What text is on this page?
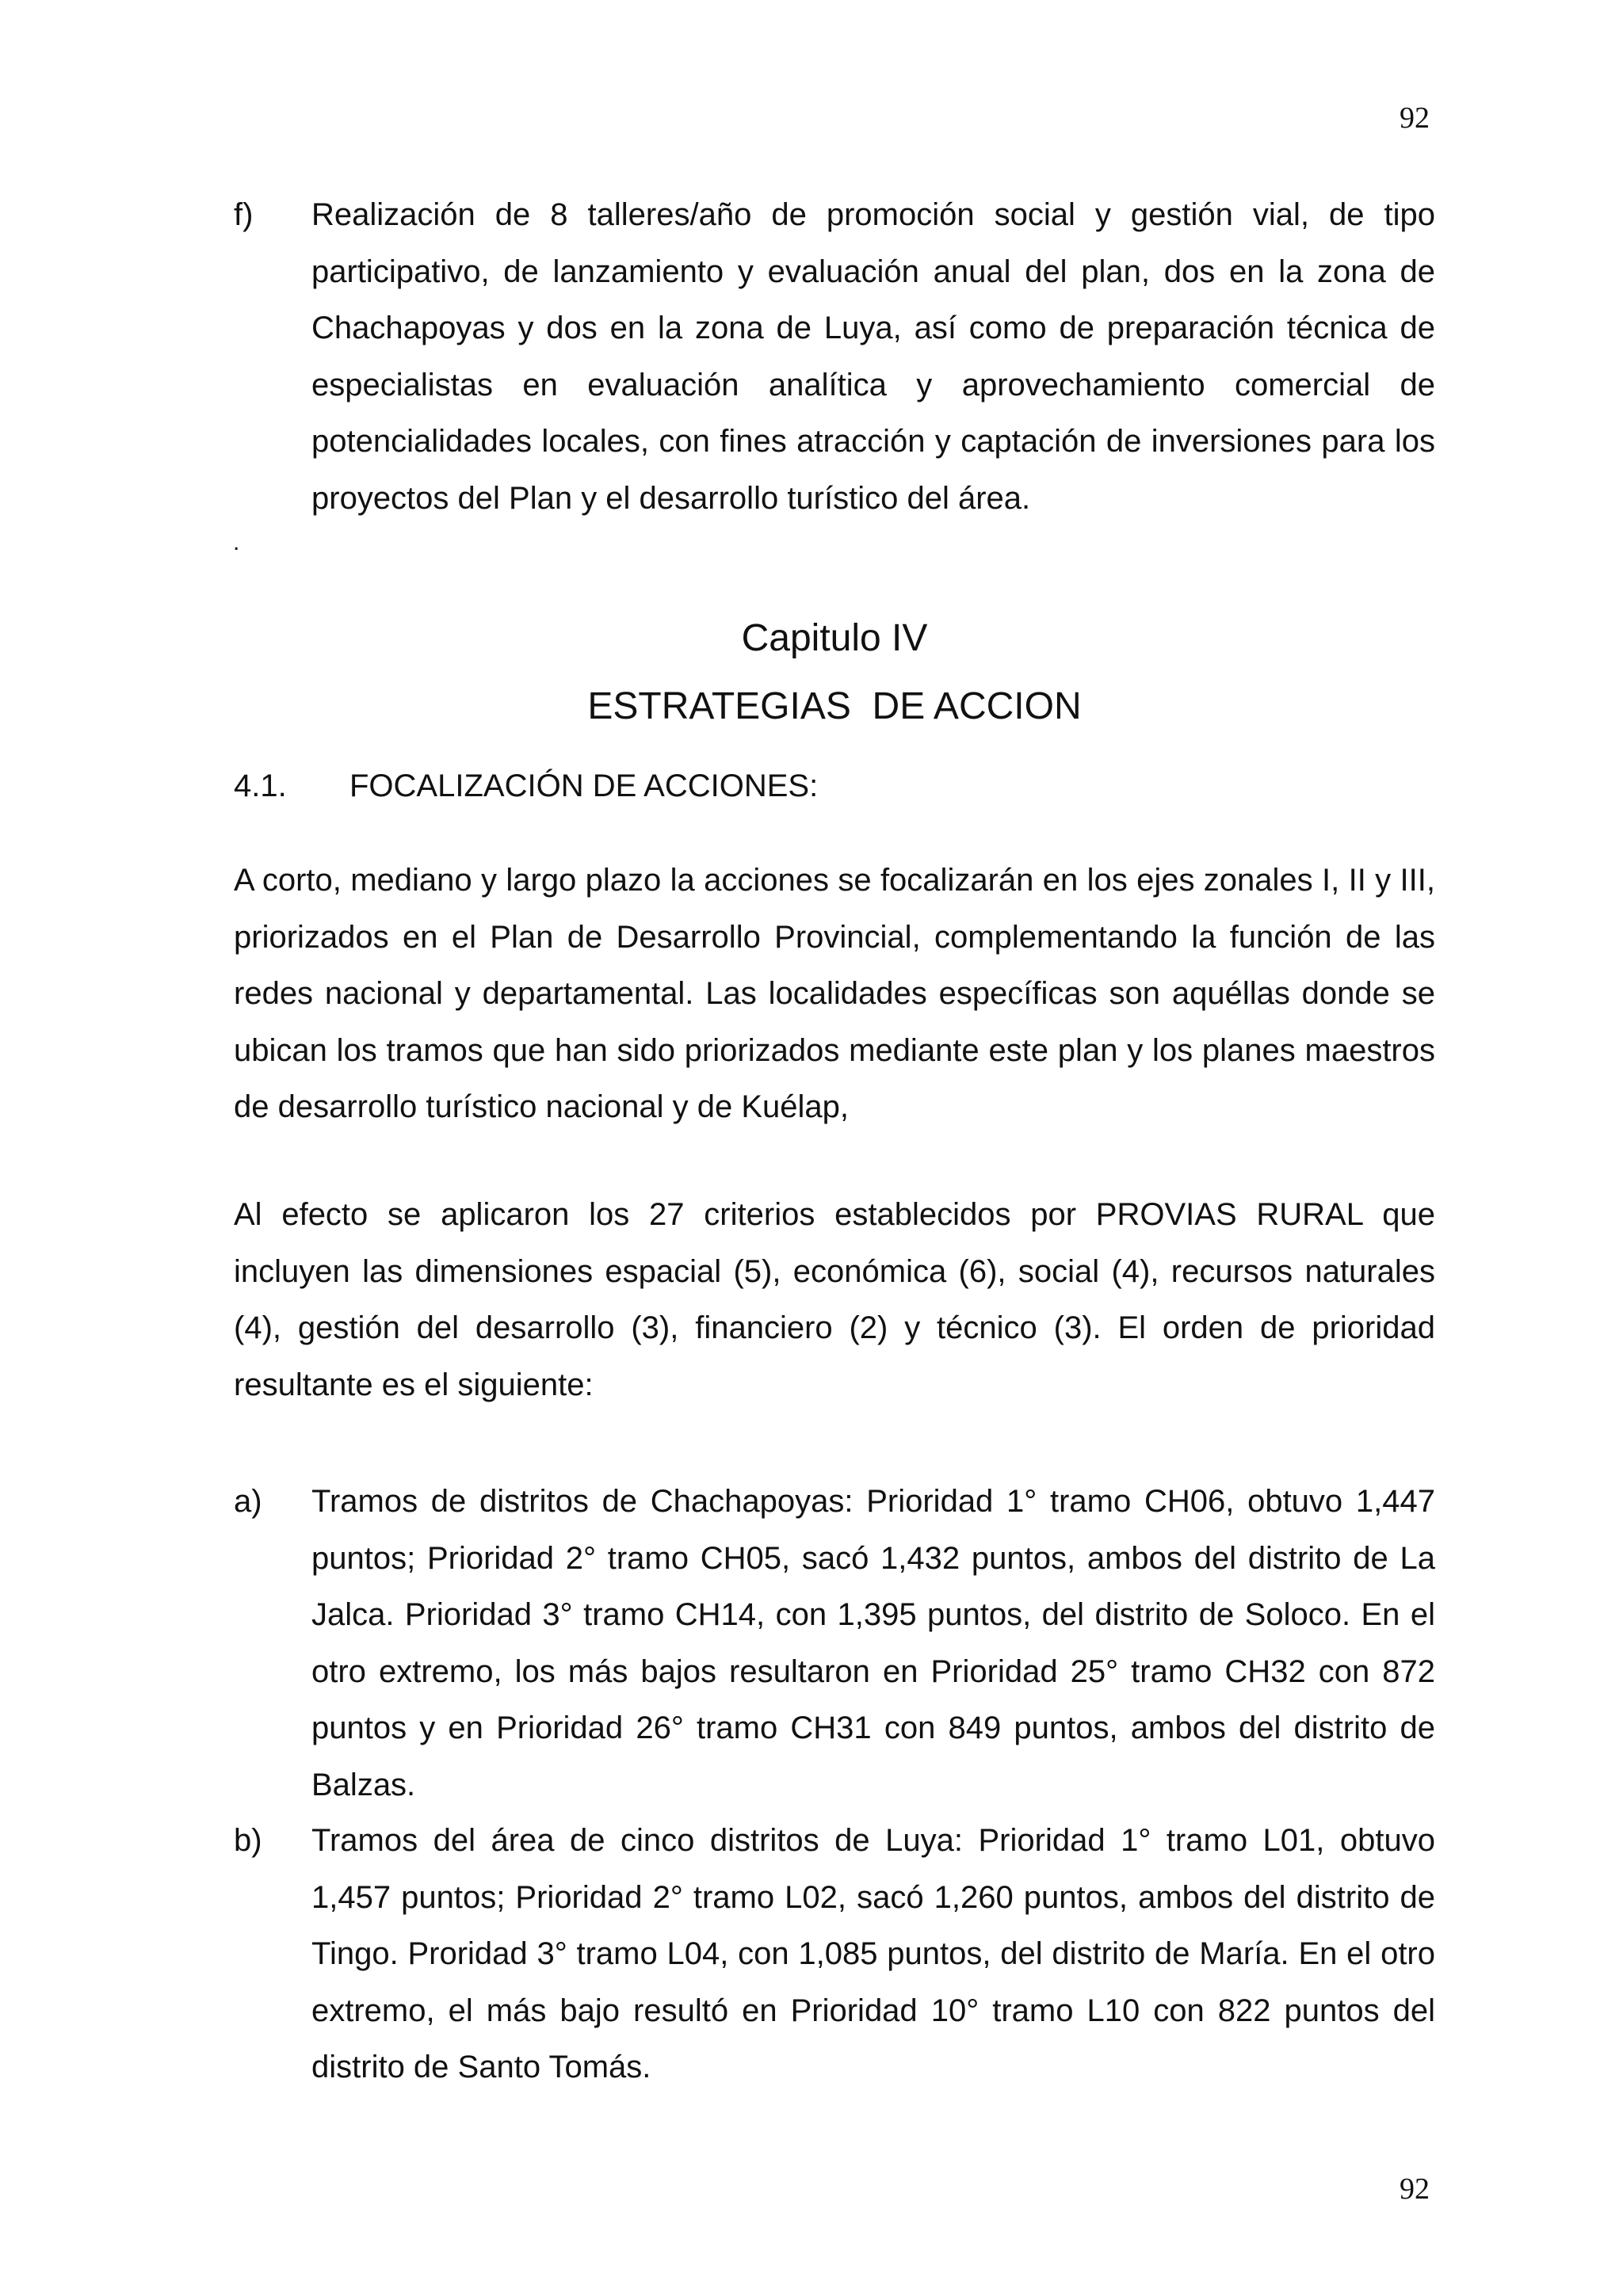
92
f) Realización de 8 talleres/año de promoción social y gestión vial, de tipo participativo, de lanzamiento y evaluación anual del plan, dos en la zona de Chachapoyas y dos en la zona de Luya, así como de preparación técnica de especialistas en evaluación analítica y aprovechamiento comercial de potencialidades locales, con fines atracción y captación de inversiones para los proyectos del Plan y el desarrollo turístico del área.
.
Capitulo IV
ESTRATEGIAS  DE ACCION
4.1. FOCALIZACIÓN DE ACCIONES:
A corto, mediano y largo plazo la acciones se focalizarán en los ejes zonales I, II y III, priorizados en el Plan de Desarrollo Provincial, complementando la función de las redes nacional y departamental. Las localidades específicas son aquéllas donde se ubican los tramos que han sido priorizados mediante este plan y los planes maestros de desarrollo turístico nacional y de Kuélap,
Al efecto se aplicaron los 27 criterios establecidos por PROVIAS RURAL que incluyen las dimensiones espacial (5), económica (6), social (4), recursos naturales (4), gestión del desarrollo (3), financiero (2) y técnico (3). El orden de prioridad resultante es el siguiente:
a) Tramos de distritos de Chachapoyas: Prioridad 1° tramo CH06, obtuvo 1,447 puntos; Prioridad 2° tramo CH05, sacó 1,432 puntos, ambos del distrito de La Jalca. Prioridad 3° tramo CH14, con 1,395 puntos, del distrito de Soloco. En el otro extremo, los más bajos resultaron en Prioridad 25° tramo CH32 con 872 puntos y en Prioridad 26° tramo CH31 con 849 puntos, ambos del distrito de Balzas.
b) Tramos del área de cinco distritos de Luya: Prioridad 1° tramo L01, obtuvo 1,457 puntos; Prioridad 2° tramo L02, sacó 1,260 puntos, ambos del distrito de Tingo. Proridad 3° tramo L04, con 1,085 puntos, del distrito de María. En el otro extremo, el más bajo resultó en Prioridad 10° tramo L10 con 822 puntos del distrito de Santo Tomás.
92
